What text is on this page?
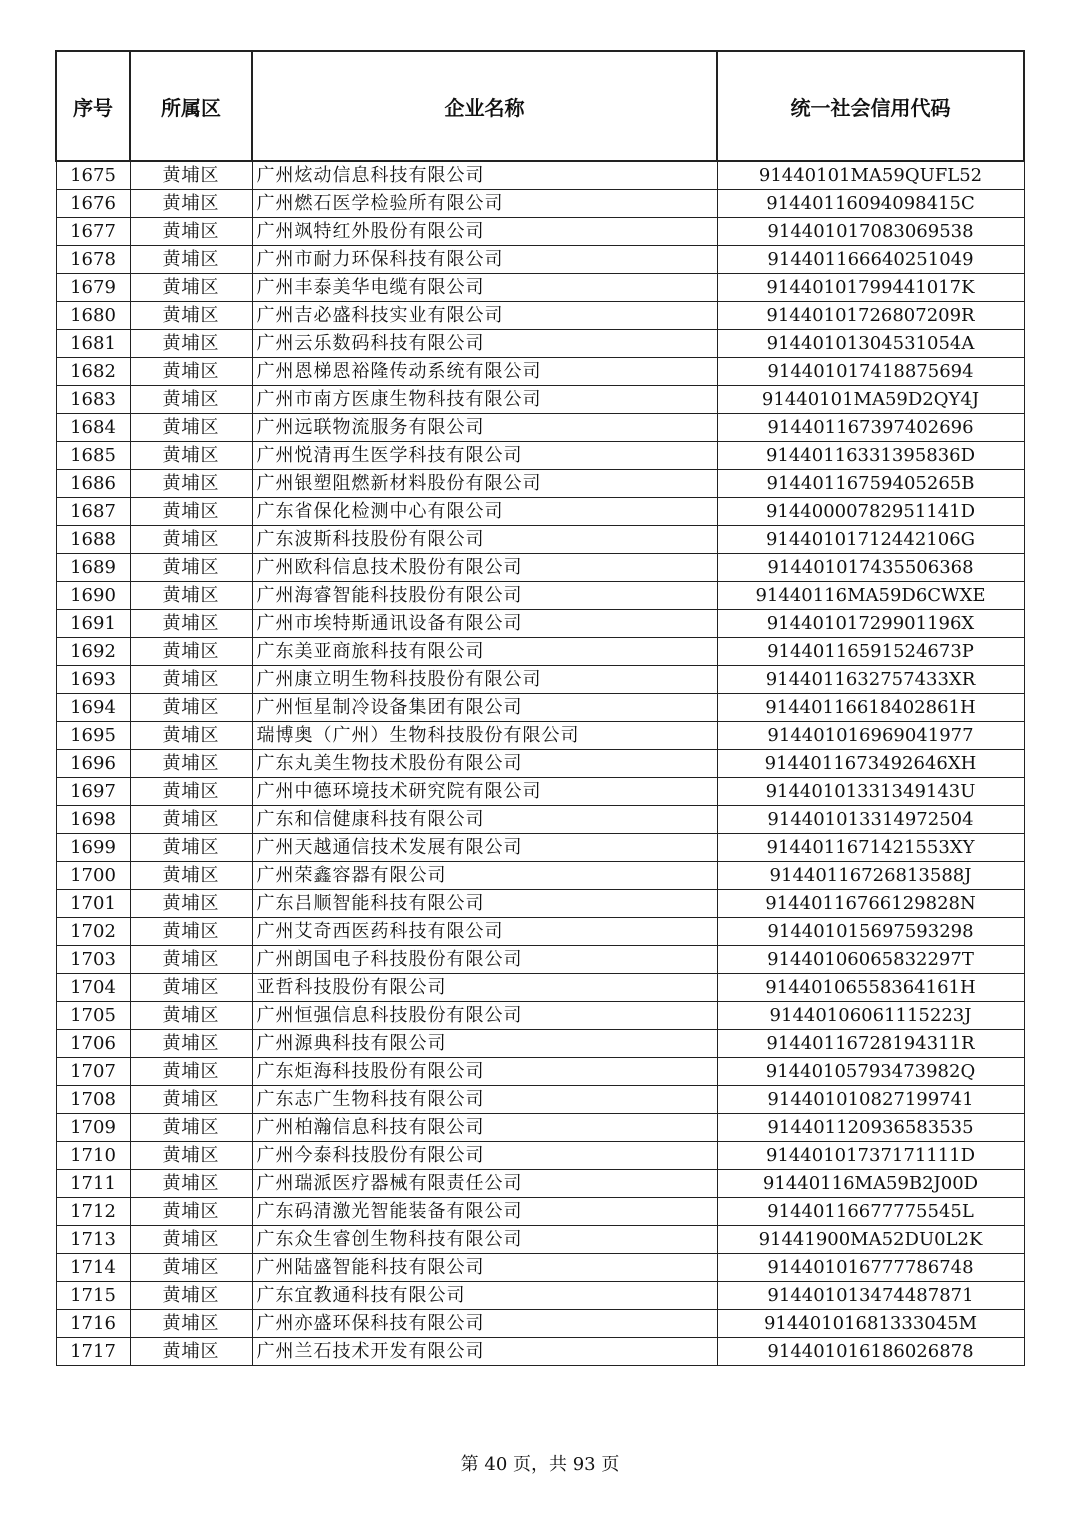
序号	所属区	企业名称	统一社会信用代码
1675	黄埔区	广州炫动信息科技有限公司	91440101MA59QUFL52
1676	黄埔区	广州燃石医学检验所有限公司	91440116094098415C
1677	黄埔区	广州飒特红外股份有限公司	914401017083069538
1678	黄埔区	广州市耐力环保科技有限公司	914401166640251049
1679	黄埔区	广州丰泰美华电缆有限公司	91440101799441017K
1680	黄埔区	广州吉必盛科技实业有限公司	91440101726807209R
1681	黄埔区	广州云乐数码科技有限公司	91440101304531054A
1682	黄埔区	广州恩梯恩裕隆传动系统有限公司	914401017418875694
1683	黄埔区	广州市南方医康生物科技有限公司	91440101MA59D2QY4J
1684	黄埔区	广州远联物流服务有限公司	914401167397402696
1685	黄埔区	广州悦清再生医学科技有限公司	91440116331395836D
1686	黄埔区	广州银塑阻燃新材料股份有限公司	91440116759405265B
1687	黄埔区	广东省保化检测中心有限公司	91440000782951141D
1688	黄埔区	广东波斯科技股份有限公司	91440101712442106G
1689	黄埔区	广州欧科信息技术股份有限公司	914401017435506368
1690	黄埔区	广州海睿智能科技股份有限公司	91440116MA59D6CWXE
1691	黄埔区	广州市埃特斯通讯设备有限公司	91440101729901196X
1692	黄埔区	广东美亚商旅科技有限公司	91440116591524673P
1693	黄埔区	广州康立明生物科技股份有限公司	9144011632757433XR
1694	黄埔区	广州恒星制冷设备集团有限公司	91440116618402861H
1695	黄埔区	瑞博奥（广州）生物科技股份有限公司	914401016969041977
1696	黄埔区	广东丸美生物技术股份有限公司	9144011673492646XH
1697	黄埔区	广州中德环境技术研究院有限公司	91440101331349143U
1698	黄埔区	广东和信健康科技有限公司	914401013314972504
1699	黄埔区	广州天越通信技术发展有限公司	9144011671421553XY
1700	黄埔区	广州荣鑫容器有限公司	91440116726813588J
1701	黄埔区	广东吕顺智能科技有限公司	91440116766129828N
1702	黄埔区	广州艾奇西医药科技有限公司	914401015697593298
1703	黄埔区	广州朗国电子科技股份有限公司	91440106065832297T
1704	黄埔区	亚哲科技股份有限公司	91440106558364161H
1705	黄埔区	广州恒强信息科技股份有限公司	91440106061115223J
1706	黄埔区	广州源典科技有限公司	91440116728194311R
1707	黄埔区	广东炬海科技股份有限公司	91440105793473982Q
1708	黄埔区	广东志广生物科技有限公司	914401010827199741
1709	黄埔区	广州柏瀚信息科技有限公司	914401120936583535
1710	黄埔区	广州今泰科技股份有限公司	91440101737171111D
1711	黄埔区	广州瑞派医疗器械有限责任公司	91440116MA59B2J00D
1712	黄埔区	广东码清激光智能装备有限公司	91440116677775545L
1713	黄埔区	广东众生睿创生物科技有限公司	91441900MA52DU0L2K
1714	黄埔区	广州陆盛智能科技有限公司	914401016777786748
1715	黄埔区	广东宜教通科技有限公司	914401013474487871
1716	黄埔区	广州亦盛环保科技有限公司	91440101681333045M
1717	黄埔区	广州兰石技术开发有限公司	914401016186026878
第 40 页，共 93 页
